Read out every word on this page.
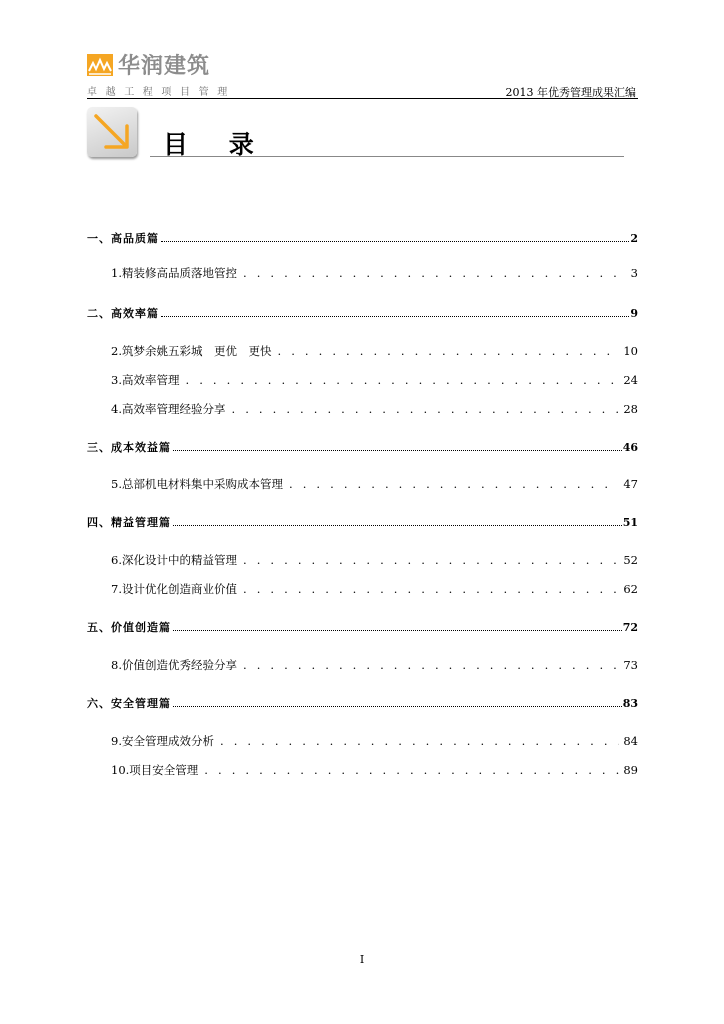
华润建筑
卓越工程项目管理	2013 年优秀管理成果汇编
目 录
一、高品质篇	2
1.精装修高品质落地管控 . . .	3
二、高效率篇	9
2.筑梦余姚五彩城　更优　更快 . . .	10
3.高效率管理 . . .	24
4.高效率管理经验分享 . . .	28
三、成本效益篇	46
5.总部机电材料集中采购成本管理 . . .	47
四、精益管理篇	51
6.深化设计中的精益管理 . . .	52
7.设计优化创造商业价值 . . .	62
五、价值创造篇	72
8.价值创造优秀经验分享 . . .	73
六、安全管理篇	83
9.安全管理成效分析 . . .	84
10.项目安全管理 . . .	89
I
